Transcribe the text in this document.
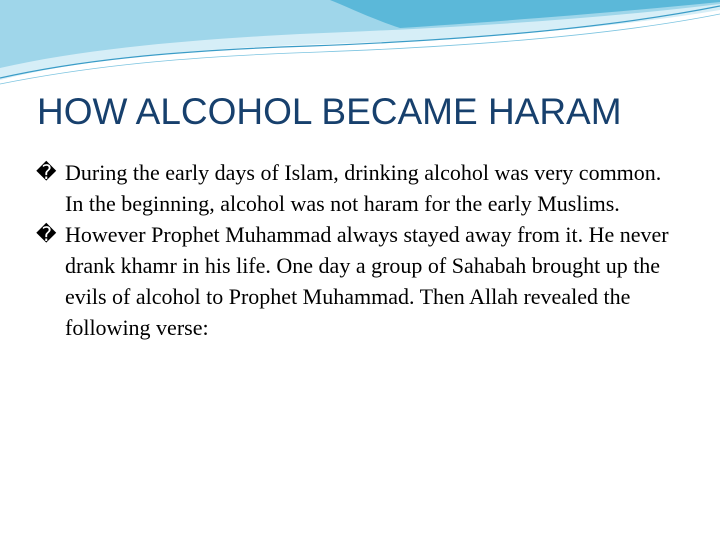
HOW ALCOHOL BECAME HARAM

� During the early days of Islam, drinking alcohol was very common. In the beginning, alcohol was not haram for the early Muslims.

� However Prophet Muhammad always stayed away from it. He never drank khamr in his life. One day a group of Sahabah brought up the evils of alcohol to Prophet Muhammad. Then Allah revealed the following verse:
